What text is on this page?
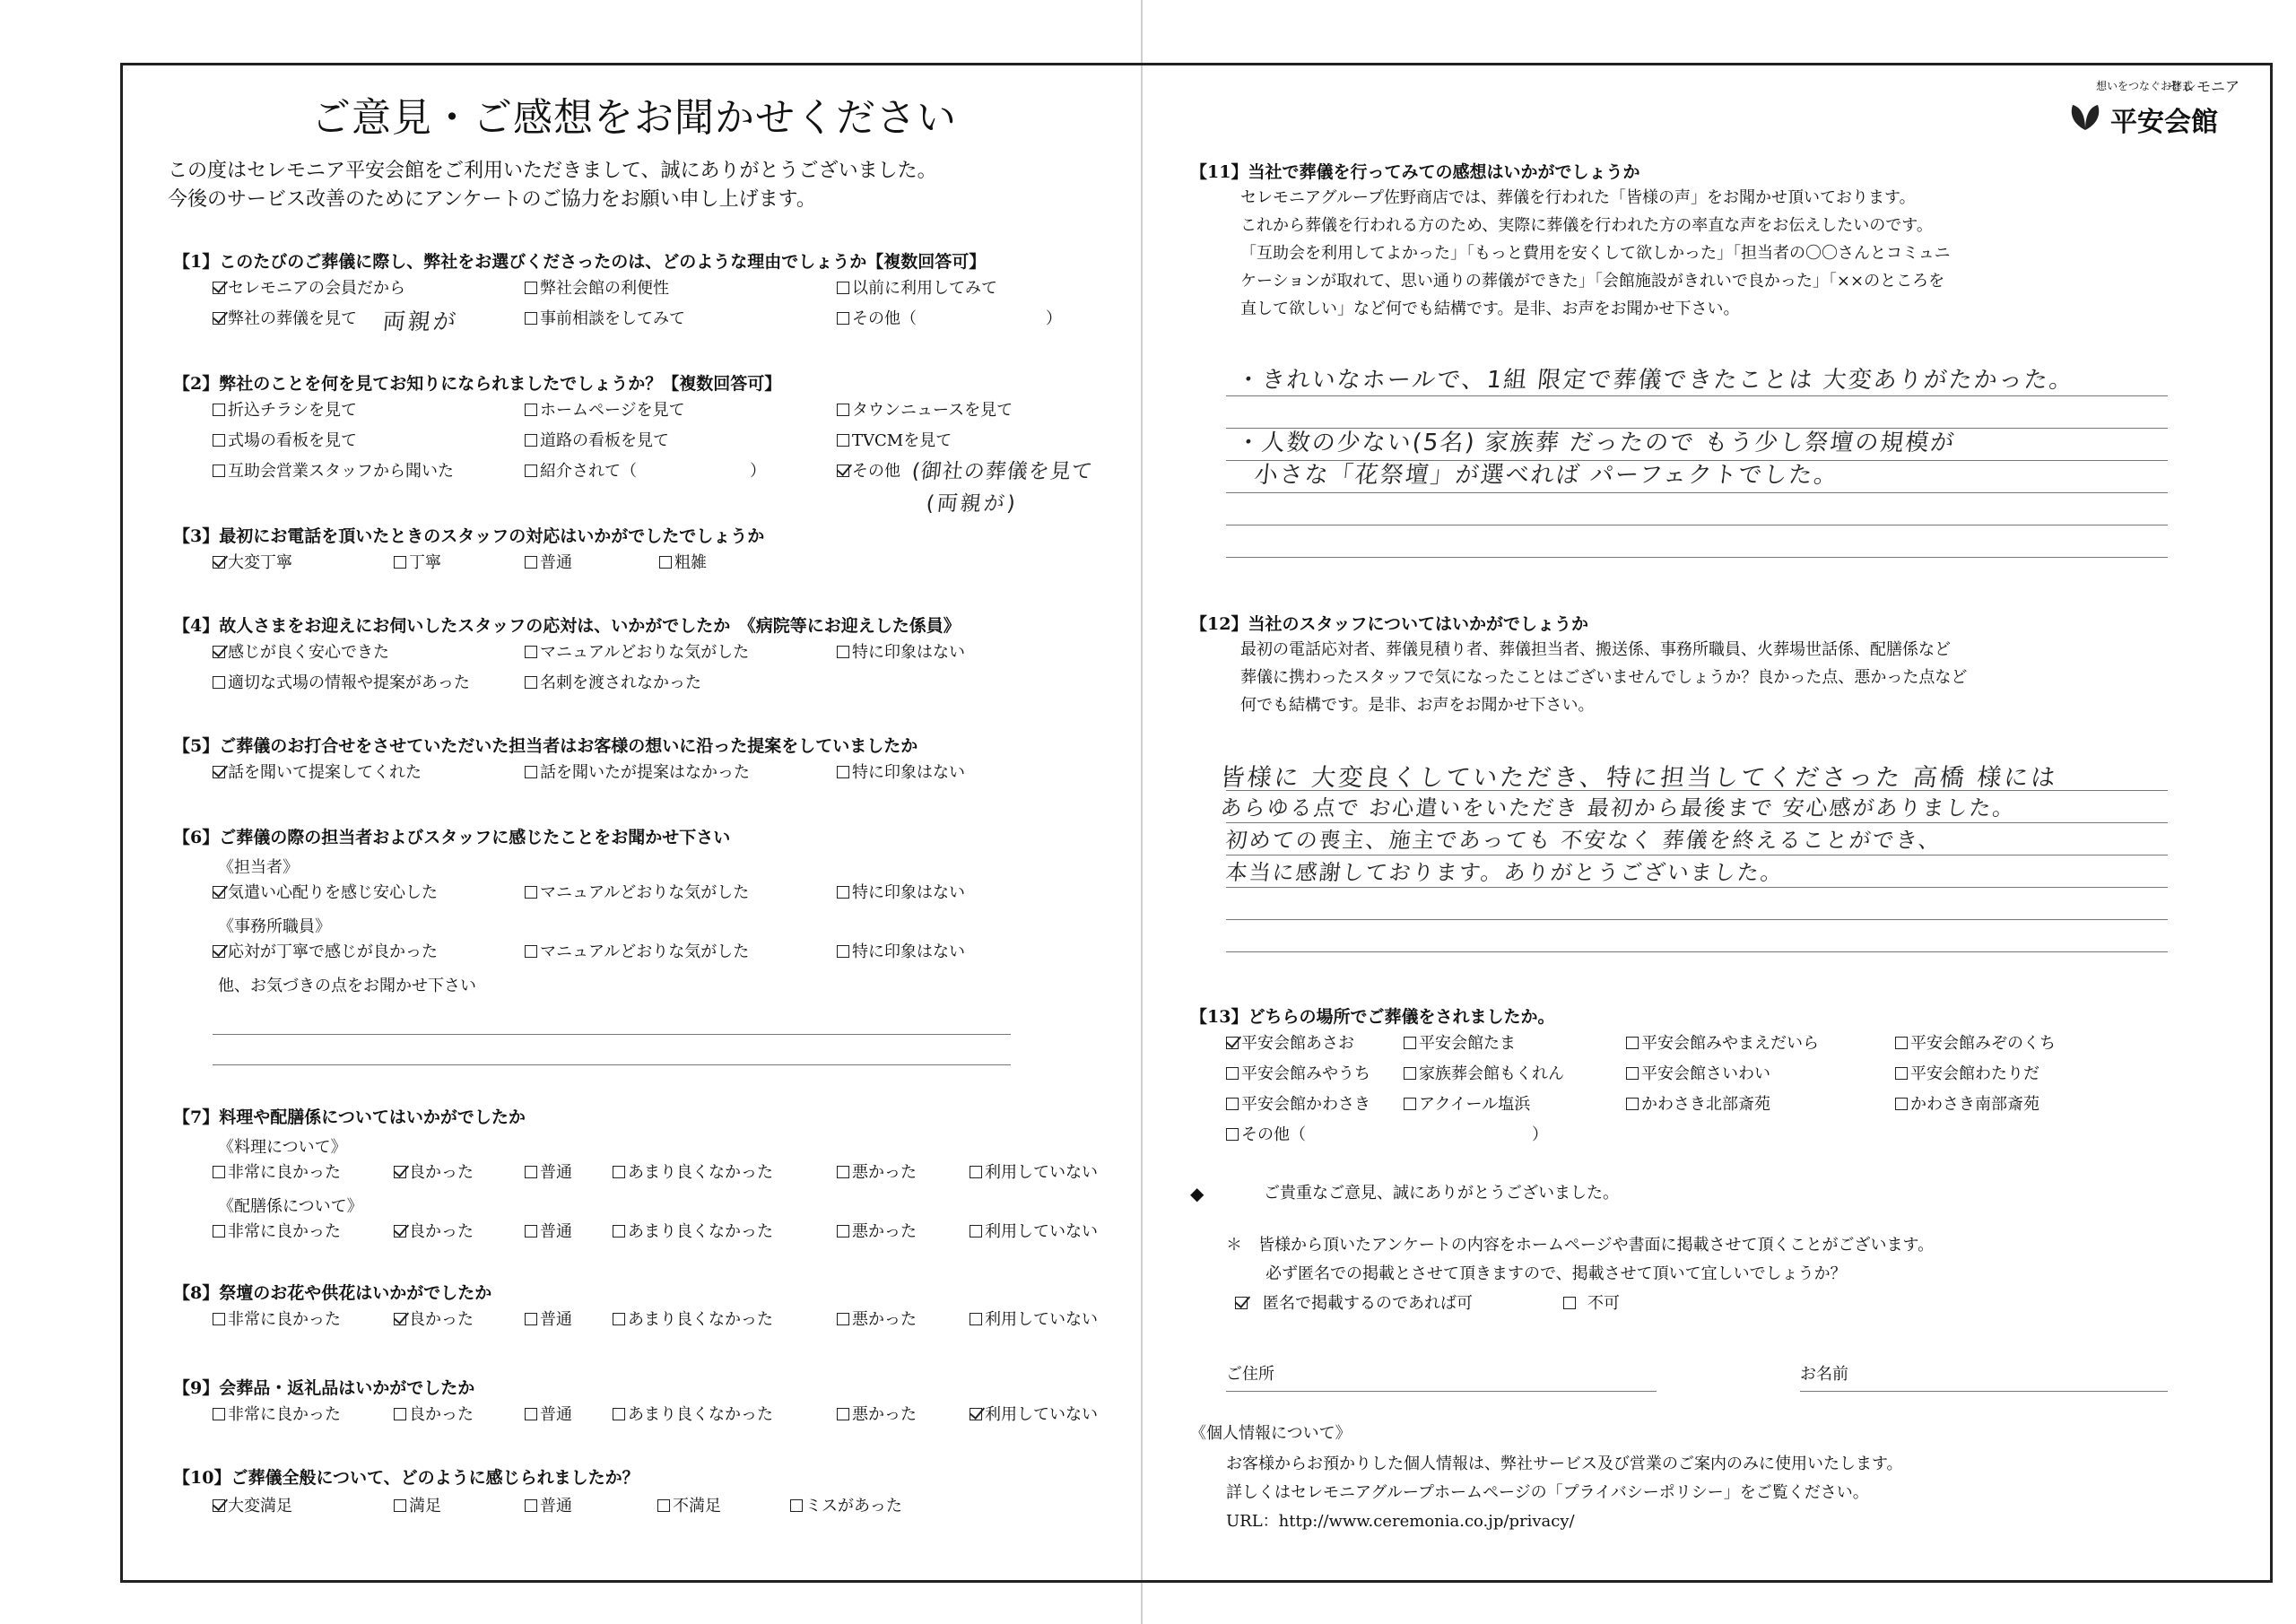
ご意見・ご感想をお聞かせください
この度はセレモニア平安会館をご利用いただきまして、誠にありがとうございました。
今後のサービス改善のためにアンケートのご協力をお願い申し上げます。
【1】このたびのご葬儀に際し、弊社をお選びくださったのは、どのような理由でしょうか【複数回答可】
セレモニアの会員だから	弊社会館の利便性	以前に利用してみて
弊社の葬儀を見て 両親が	事前相談をしてみて	その他（　　　　　　　　）
【2】弊社のことを何を見てお知りになられましたでしょうか？【複数回答可】
折込チラシを見て	ホームページを見て	タウンニュースを見て
式場の看板を見て	道路の看板を見て	TVCMを見て
互助会営業スタッフから聞いた	紹介されて（　　　　　　　）	その他 (御社の葬儀を見て
(両親が)
【3】最初にお電話を頂いたときのスタッフの対応はいかがでしたでしょうか
大変丁寧	丁寧	普通	粗雑
【4】故人さまをお迎えにお伺いしたスタッフの応対は、いかがでしたか　《病院等にお迎えした係員》
感じが良く安心できた	マニュアルどおりな気がした	特に印象はない
適切な式場の情報や提案があった	名刺を渡されなかった
【5】ご葬儀のお打合せをさせていただいた担当者はお客様の想いに沿った提案をしていましたか
話を聞いて提案してくれた	話を聞いたが提案はなかった	特に印象はない
【6】ご葬儀の際の担当者およびスタッフに感じたことをお聞かせ下さい
《担当者》
気遣い心配りを感じ安心した	マニュアルどおりな気がした	特に印象はない
《事務所職員》
応対が丁寧で感じが良かった	マニュアルどおりな気がした	特に印象はない
他、お気づきの点をお聞かせ下さい
【7】料理や配膳係についてはいかがでしたか
《料理について》
非常に良かった	良かった	普通	あまり良くなかった	悪かった	利用していない
《配膳係について》
非常に良かった	良かった	普通	あまり良くなかった	悪かった	利用していない
【8】祭壇のお花や供花はいかがでしたか
非常に良かった	良かった	普通	あまり良くなかった	悪かった	利用していない
【9】会葬品・返礼品はいかがでしたか
非常に良かった	良かった	普通	あまり良くなかった	悪かった	利用していない
【10】ご葬儀全般について、どのように感じられましたか？
大変満足	満足	普通	不満足	ミスがあった
想いをつなぐお葬式
セレモニア
平安会館
【11】当社で葬儀を行ってみての感想はいかがでしょうか
セレモニアグループ佐野商店では、葬儀を行われた「皆様の声」をお聞かせ頂いております。
これから葬儀を行われる方のため、実際に葬儀を行われた方の率直な声をお伝えしたいのです。
「互助会を利用してよかった」「もっと費用を安くして欲しかった」「担当者の〇〇さんとコミュニ
ケーションが取れて、思い通りの葬儀ができた」「会館施設がきれいで良かった」「××のところを
直して欲しい」など何でも結構です。是非、お声をお聞かせ下さい。
・きれいなホールで、1組 限定で葬儀できたことは 大変ありがたかった。
・人数の少ない(5名) 家族葬 だったので もう少し祭壇の規模が
小さな「花祭壇」が選べれば パーフェクトでした。
【12】当社のスタッフについてはいかがでしょうか
最初の電話応対者、葬儀見積り者、葬儀担当者、搬送係、事務所職員、火葬場世話係、配膳係など
葬儀に携わったスタッフで気になったことはございませんでしょうか？良かった点、悪かった点など
何でも結構です。是非、お声をお聞かせ下さい。
皆様に 大変良くしていただき、特に担当してくださった 高橋 様には
あらゆる点で お心遣いをいただき 最初から最後まで 安心感がありました。
初めての喪主、施主であっても 不安なく 葬儀を終えることができ、
本当に感謝しております。ありがとうございました。
【13】どちらの場所でご葬儀をされましたか。
平安会館あさお	平安会館たま	平安会館みやまえだいら	平安会館みぞのくち
平安会館みやうち	家族葬会館もくれん	平安会館さいわい	平安会館わたりだ
平安会館かわさき	アクイール塩浜	かわさき北部斎苑	かわさき南部斎苑
その他（　　　　　　　　　　　　　　）
◆	ご貴重なご意見、誠にありがとうございました。
＊　皆様から頂いたアンケートの内容をホームページや書面に掲載させて頂くことがございます。
必ず匿名での掲載とさせて頂きますので、掲載させて頂いて宜しいでしょうか？
匿名で掲載するのであれば可	不可
ご住所	お名前
《個人情報について》
お客様からお預かりした個人情報は、弊社サービス及び営業のご案内のみに使用いたします。
詳しくはセレモニアグループホームページの「プライバシーポリシー」をご覧ください。
URL：http://www.ceremonia.co.jp/privacy/
